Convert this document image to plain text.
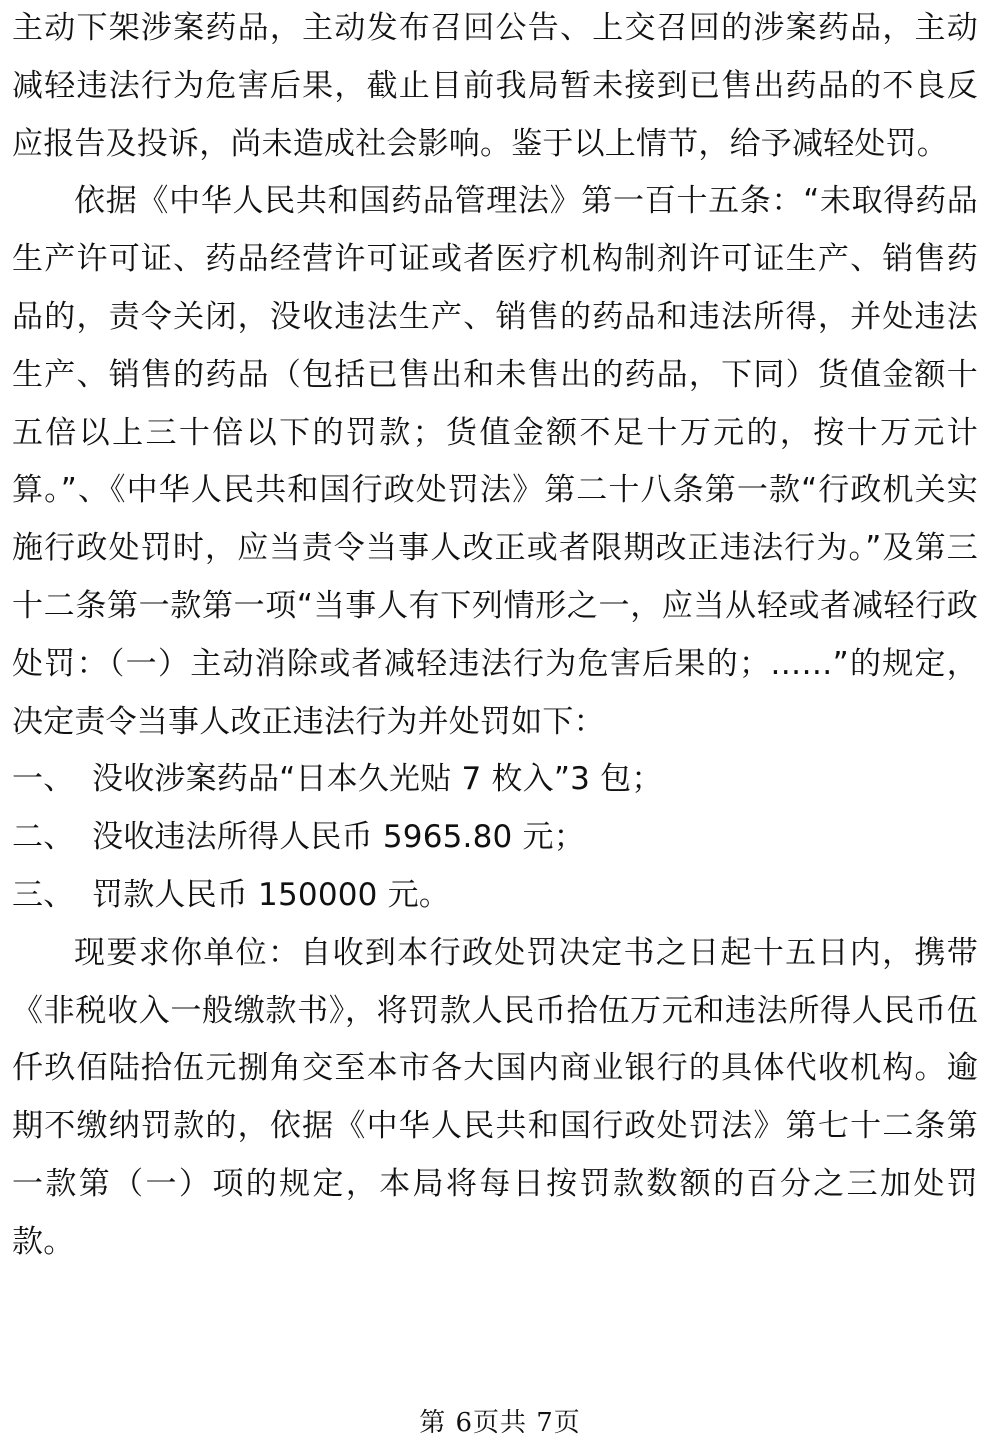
主动下架涉案药品，主动发布召回公告、上交召回的涉案药品，主动减轻违法行为危害后果，截止目前我局暂未接到已售出药品的不良反应报告及投诉，尚未造成社会影响。鉴于以上情节，给予减轻处罚。

依据《中华人民共和国药品管理法》第一百十五条：“未取得药品生产许可证、药品经营许可证或者医疗机构制剂许可证生产、销售药品的，责令关闭，没收违法生产、销售的药品和违法所得，并处违法生产、销售的药品（包括已售出和未售出的药品，下同）货值金额十五倍以上三十倍以下的罚款；货值金额不足十万元的，按十万元计算。”、《中华人民共和国行政处罚法》第二十八条第一款“行政机关实施行政处罚时，应当责令当事人改正或者限期改正违法行为。”及第三十二条第一款第一项“当事人有下列情形之一，应当从轻或者减轻行政处罚：（一）主动消除或者减轻违法行为危害后果的；……”的规定，决定责令当事人改正违法行为并处罚如下：

一、 没收涉案药品“日本久光贴 7 枚入”3 包；

二、 没收违法所得人民币 5965.80 元；

三、 罚款人民币 150000 元。

现要求你单位：自收到本行政处罚决定书之日起十五日内，携带《非税收入一般缴款书》，将罚款人民币拾伍万元和违法所得人民币伍仟玖佰陆拾伍元捌角交至本市各大国内商业银行的具体代收机构。逾期不缴纳罚款的，依据《中华人民共和国行政处罚法》第七十二条第一款第（一）项的规定，本局将每日按罚款数额的百分之三加处罚款。

第 6页共 7页
